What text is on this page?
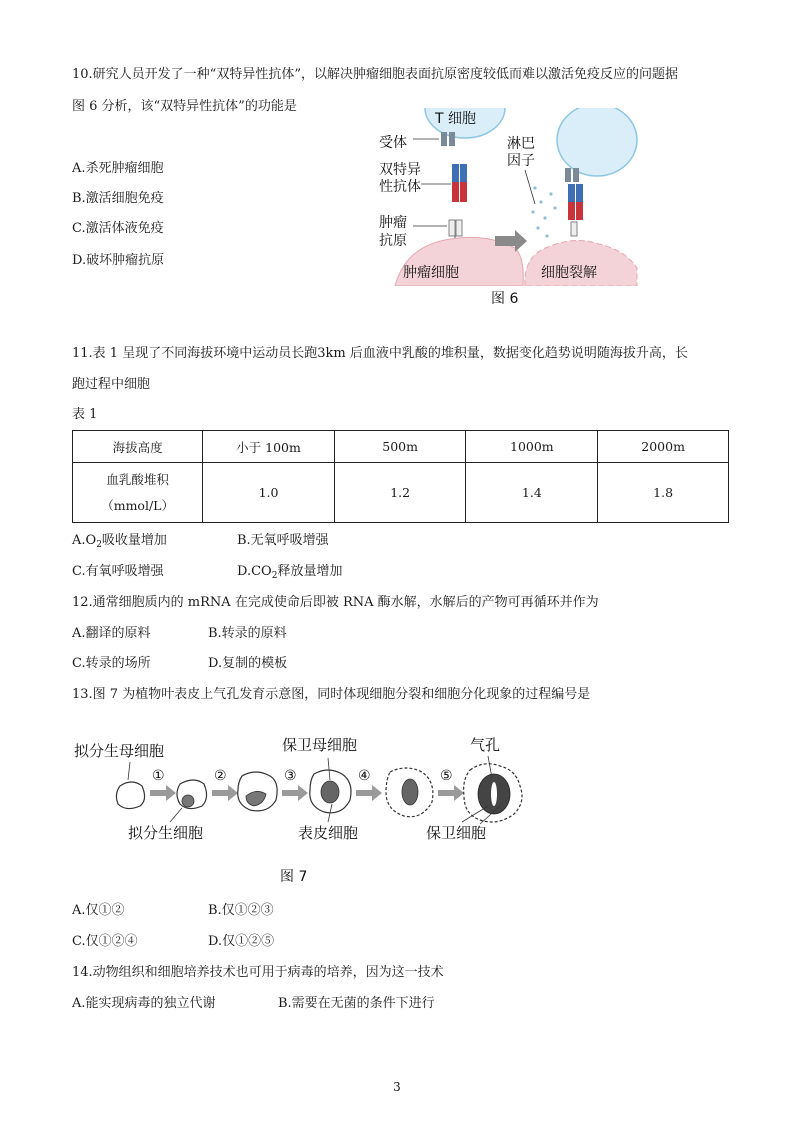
10.研究人员开发了一种“双特异性抗体”，以解决肿瘤细胞表面抗原密度较低而难以激活免疫反应的问题据
图 6 分析，该“双特异性抗体”的功能是
A.杀死肿瘤细胞
B.激活细胞免疫
C.激活体液免疫
D.破坏肿瘤抗原
T 细胞
受体
双特异
性抗体
肿瘤
抗原
肿瘤细胞
淋巴
因子
细胞裂解
图 6
11.表 1 呈现了不同海拔环境中运动员长跑3km 后血液中乳酸的堆积量，数据变化趋势说明随海拔升高，长
跑过程中细胞
表 1
海拔高度	小于 100m	500m	1000m	2000m
血乳酸堆积
（mmol/L）	1.0	1.2	1.4	1.8
$A.O_2$吸收量增加	B.无氧呼吸增强
C.有氧呼吸增强	$D.CO_2$释放量增加
12.通常细胞质内的 mRNA 在完成使命后即被 RNA 酶水解，水解后的产物可再循环并作为
A.翻译的原料	B.转录的原料
C.转录的场所	D.复制的模板
13.图 7 为植物叶表皮上气孔发育示意图，同时体现细胞分裂和细胞分化现象的过程编号是
拟分生母细胞
①	②	③	④	⑤
保卫母细胞	气孔
拟分生细胞	表皮细胞	保卫细胞
图 7
A.仅①②	B.仅①②③
C.仅①②④	D.仅①②⑤
14.动物组织和细胞培养技术也可用于病毒的培养，因为这一技术
A.能实现病毒的独立代谢	B.需要在无菌的条件下进行
3
